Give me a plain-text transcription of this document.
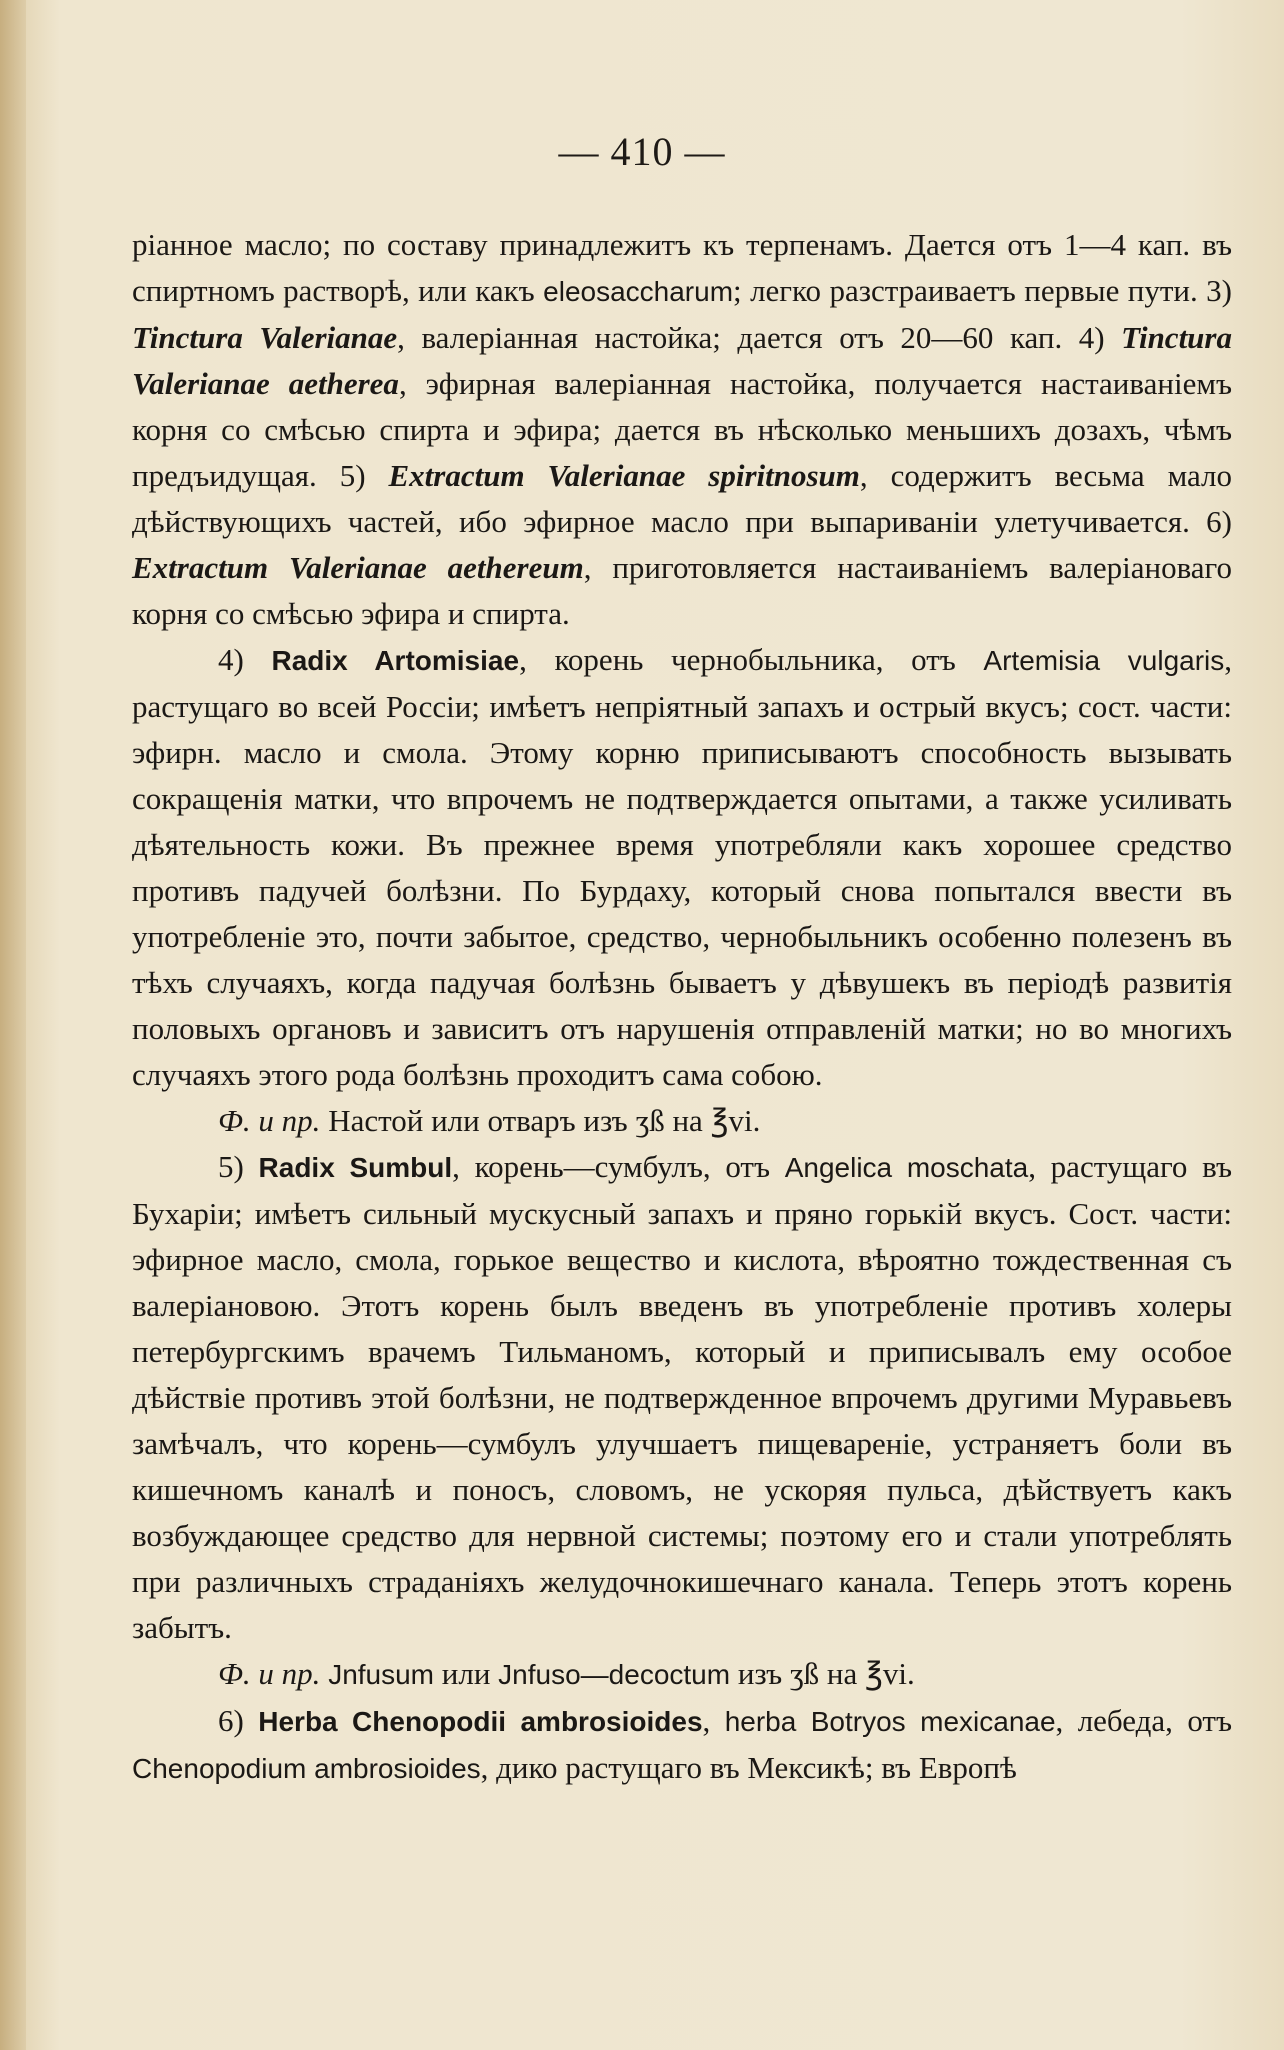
— 410 —

ріанное масло; по составу принадлежитъ къ терпенамъ. Дается отъ 1—4 кап. въ спиртномъ растворѣ, или какъ eleosaccharum; легко разстраиваетъ первые пути. 3) Tinctura Valerianae, валеріанная настойка; дается отъ 20—60 кап. 4) Tinctura Valerianae aetherea, эфирная валеріанная настойка, получается настаиваніемъ корня со смѣсью спирта и эфира; дается въ нѣсколько меньшихъ дозахъ, чѣмъ предъидущая. 5) Extractum Valerianae spiritnosum, содержитъ весьма мало дѣйствующихъ частей, ибо эфирное масло при выпариваніи улетучивается. 6) Extractum Valerianae aethereum, приготовляется настаиваніемъ валеріановаго корня со смѣсью эфира и спирта.

4) Radix Artomisiae, корень чернобыльника, отъ Artemisia vulgaris, растущаго во всей Россіи; имѣетъ непріятный запахъ и острый вкусъ; сост. части: эфирн. масло и смола. Этому корню приписываютъ способность вызывать сокращенія матки, что впрочемъ не подтверждается опытами, а также усиливать дѣятельность кожи. Въ прежнее время употребляли какъ хорошее средство противъ падучей болѣзни. По Бурдаху, который снова попытался ввести въ употребленіе это, почти забытое, средство, чернобыльникъ особенно полезенъ въ тѣхъ случаяхъ, когда падучая болѣзнь бываетъ у дѣвушекъ въ періодѣ развитія половыхъ органовъ и зависитъ отъ нарушенія отправленій матки; но во многихъ случаяхъ этого рода болѣзнь проходитъ сама собою.

Ф. и пр. Настой или отваръ изъ ʒß на ℥vi.

5) Radix Sumbul, корень—сумбулъ, отъ Angelica moschata, растущаго въ Бухаріи; имѣетъ сильный мускусный запахъ и пряно горькій вкусъ. Сост. части: эфирное масло, смола, горькое вещество и кислота, вѣроятно тождественная съ валеріановою. Этотъ корень былъ введенъ въ употребленіе противъ холеры петербургскимъ врачемъ Тильманомъ, который и приписывалъ ему особое дѣйствіе противъ этой болѣзни, не подтвержденное впрочемъ другими Муравьевъ замѣчалъ, что корень—сумбулъ улучшаетъ пищевареніе, устраняетъ боли въ кишечномъ каналѣ и поносъ, словомъ, не ускоряя пульса, дѣйствуетъ какъ возбуждающее средство для нервной системы; поэтому его и стали употреблять при различныхъ страданіяхъ желудочнокишечнаго канала. Теперь этотъ корень забытъ.

Ф. и пр. Jnfusum или Jnfuso—decoctum изъ ʒß на ℥vi.

6) Herba Chenopodii ambrosioides, herba Botryos mexicanae, лебеда, отъ Chenopodium ambrosioides, дико растущаго въ Мексикѣ; въ Европѣ
